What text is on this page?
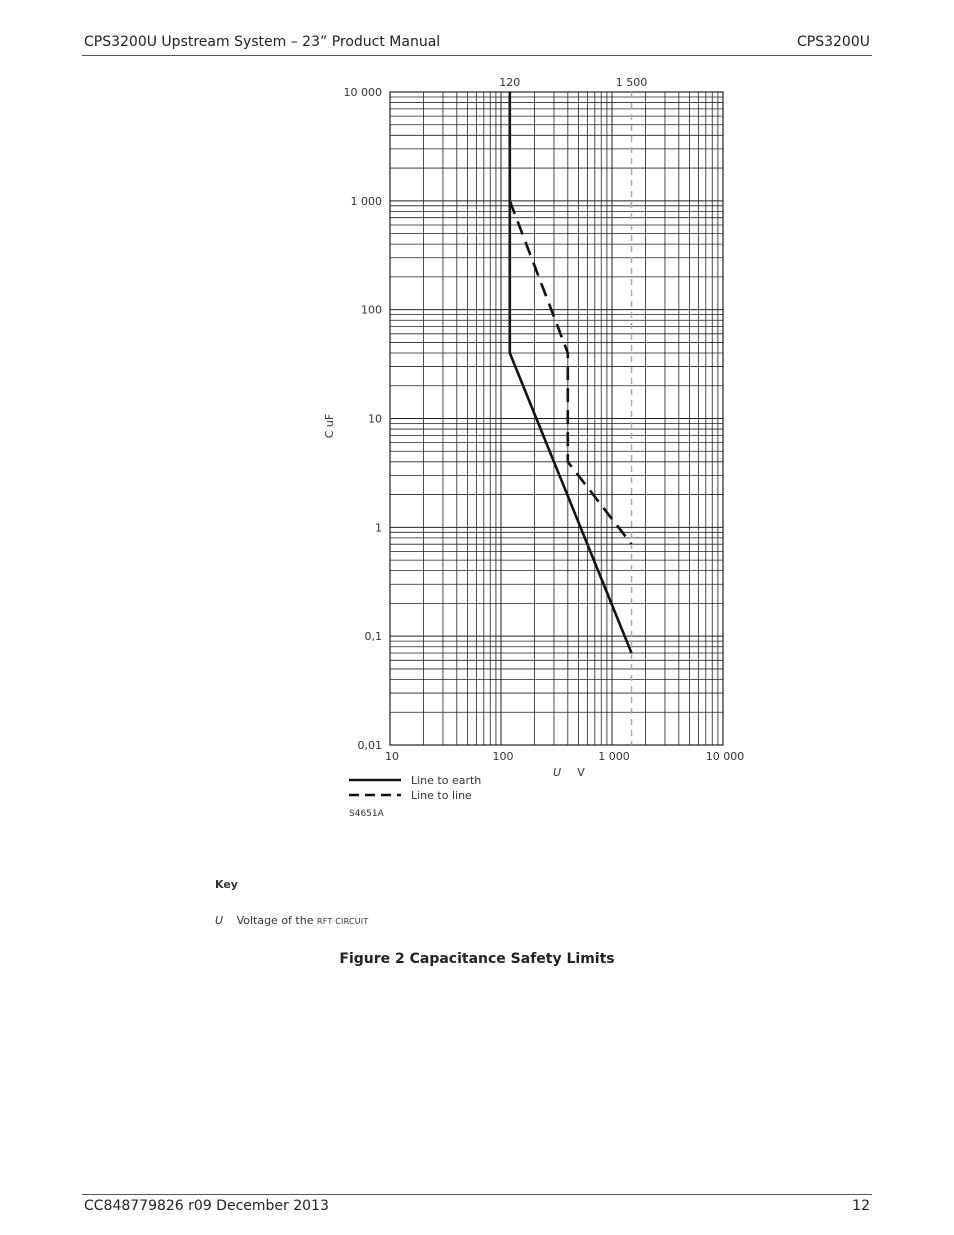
CPS3200U Upstream System – 23” Product Manual	CPS3200U
10	100	1 000	10 000
0,01
0,1
1
10
100
1 000
10 000
120	1 500
U V
C uF
Line to earth
Line to line
S4651A
Key
U Voltage of the RFT CIRCUIT
Figure 2 Capacitance Safety Limits
CC848779826 r09 December 2013	12
